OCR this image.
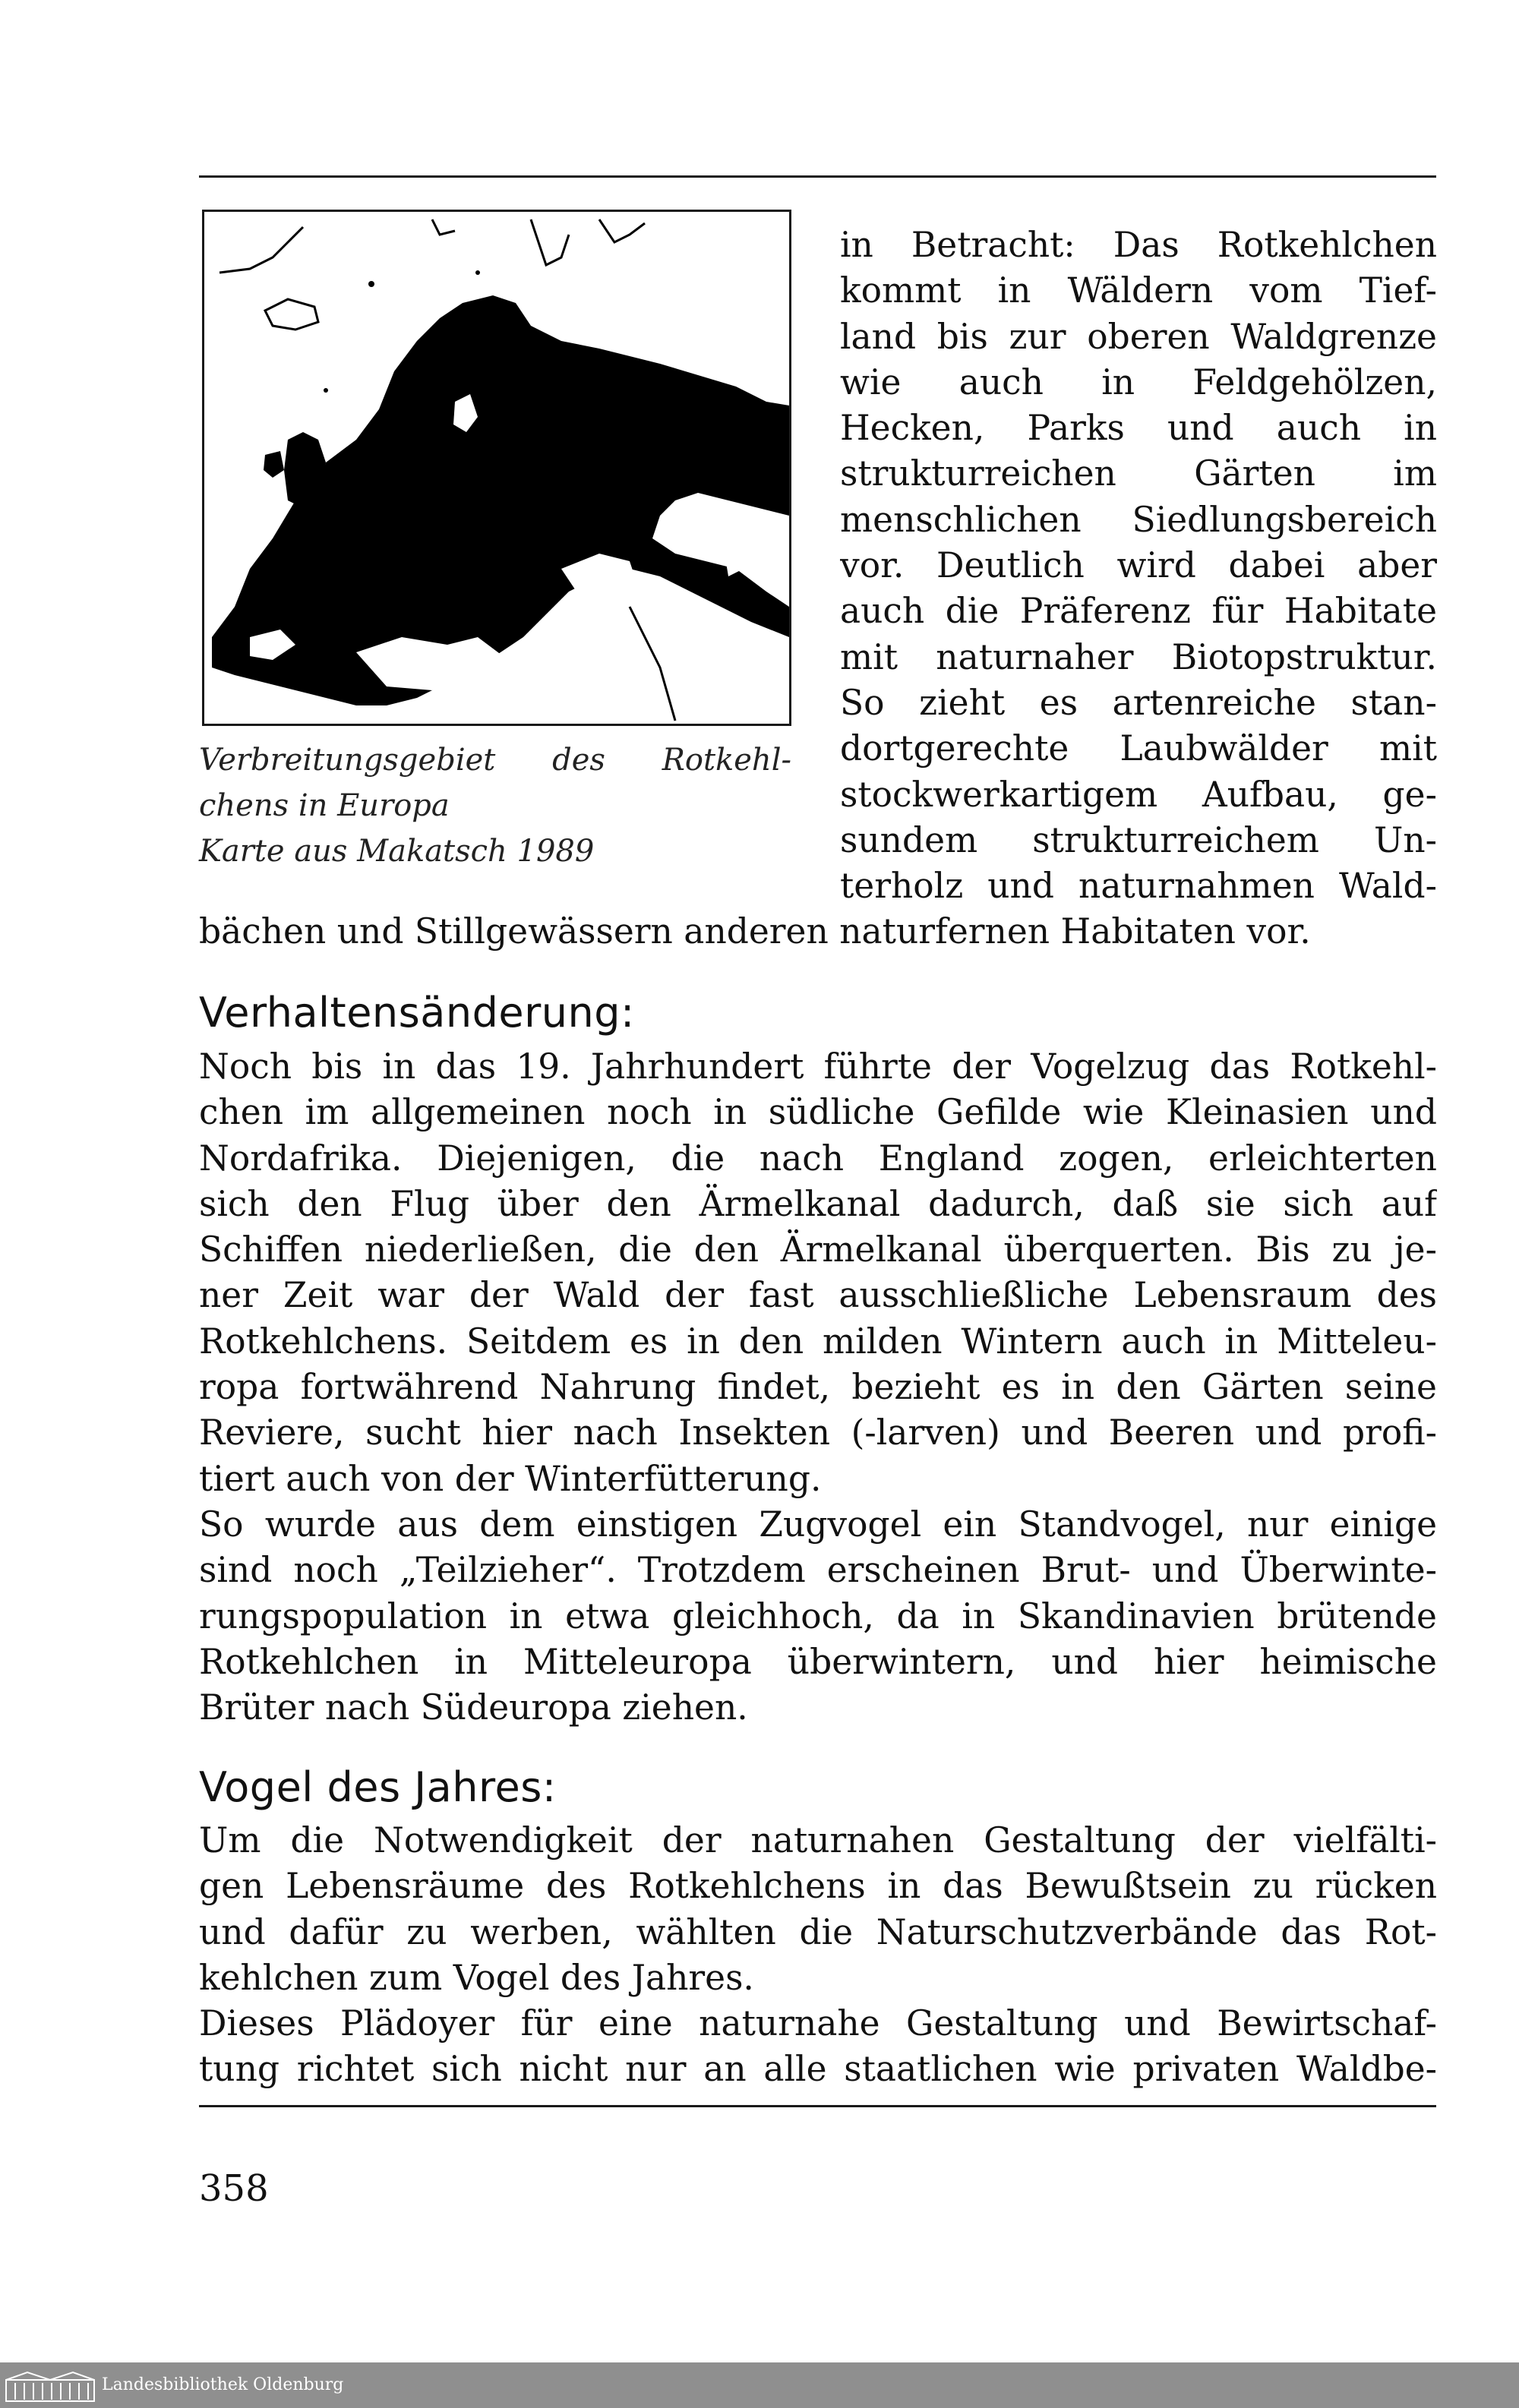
Verbreitungsgebiet des Rotkehl-
chens in Europa
Karte aus Makatsch 1989
in Betracht: Das Rotkehlchen
kommt in Wäldern vom Tief-
land bis zur oberen Waldgrenze
wie auch in Feldgehölzen,
Hecken, Parks und auch in
strukturreichen Gärten im
menschlichen Siedlungsbereich
vor. Deutlich wird dabei aber
auch die Präferenz für Habitate
mit naturnaher Biotopstruktur.
So zieht es artenreiche stan-
dortgerechte Laubwälder mit
stockwerkartigem Aufbau, ge-
sundem strukturreichem Un-
terholz und naturnahmen Wald-
bächen und Stillgewässern anderen naturfernen Habitaten vor.
Verhaltensänderung:
Noch bis in das 19. Jahrhundert führte der Vogelzug das Rotkehl-
chen im allgemeinen noch in südliche Gefilde wie Kleinasien und
Nordafrika. Diejenigen, die nach England zogen, erleichterten
sich den Flug über den Ärmelkanal dadurch, daß sie sich auf
Schiffen niederließen, die den Ärmelkanal überquerten. Bis zu je-
ner Zeit war der Wald der fast ausschließliche Lebensraum des
Rotkehlchens. Seitdem es in den milden Wintern auch in Mitteleu-
ropa fortwährend Nahrung findet, bezieht es in den Gärten seine
Reviere, sucht hier nach Insekten (-larven) und Beeren und profi-
tiert auch von der Winterfütterung.
So wurde aus dem einstigen Zugvogel ein Standvogel, nur einige
sind noch „Teilzieher“. Trotzdem erscheinen Brut- und Überwinte-
rungspopulation in etwa gleichhoch, da in Skandinavien brütende
Rotkehlchen in Mitteleuropa überwintern, und hier heimische
Brüter nach Südeuropa ziehen.
Vogel des Jahres:
Um die Notwendigkeit der naturnahen Gestaltung der vielfälti-
gen Lebensräume des Rotkehlchens in das Bewußtsein zu rücken
und dafür zu werben, wählten die Naturschutzverbände das Rot-
kehlchen zum Vogel des Jahres.
Dieses Plädoyer für eine naturnahe Gestaltung und Bewirtschaf-
tung richtet sich nicht nur an alle staatlichen wie privaten Waldbe-
358
Landesbibliothek Oldenburg
